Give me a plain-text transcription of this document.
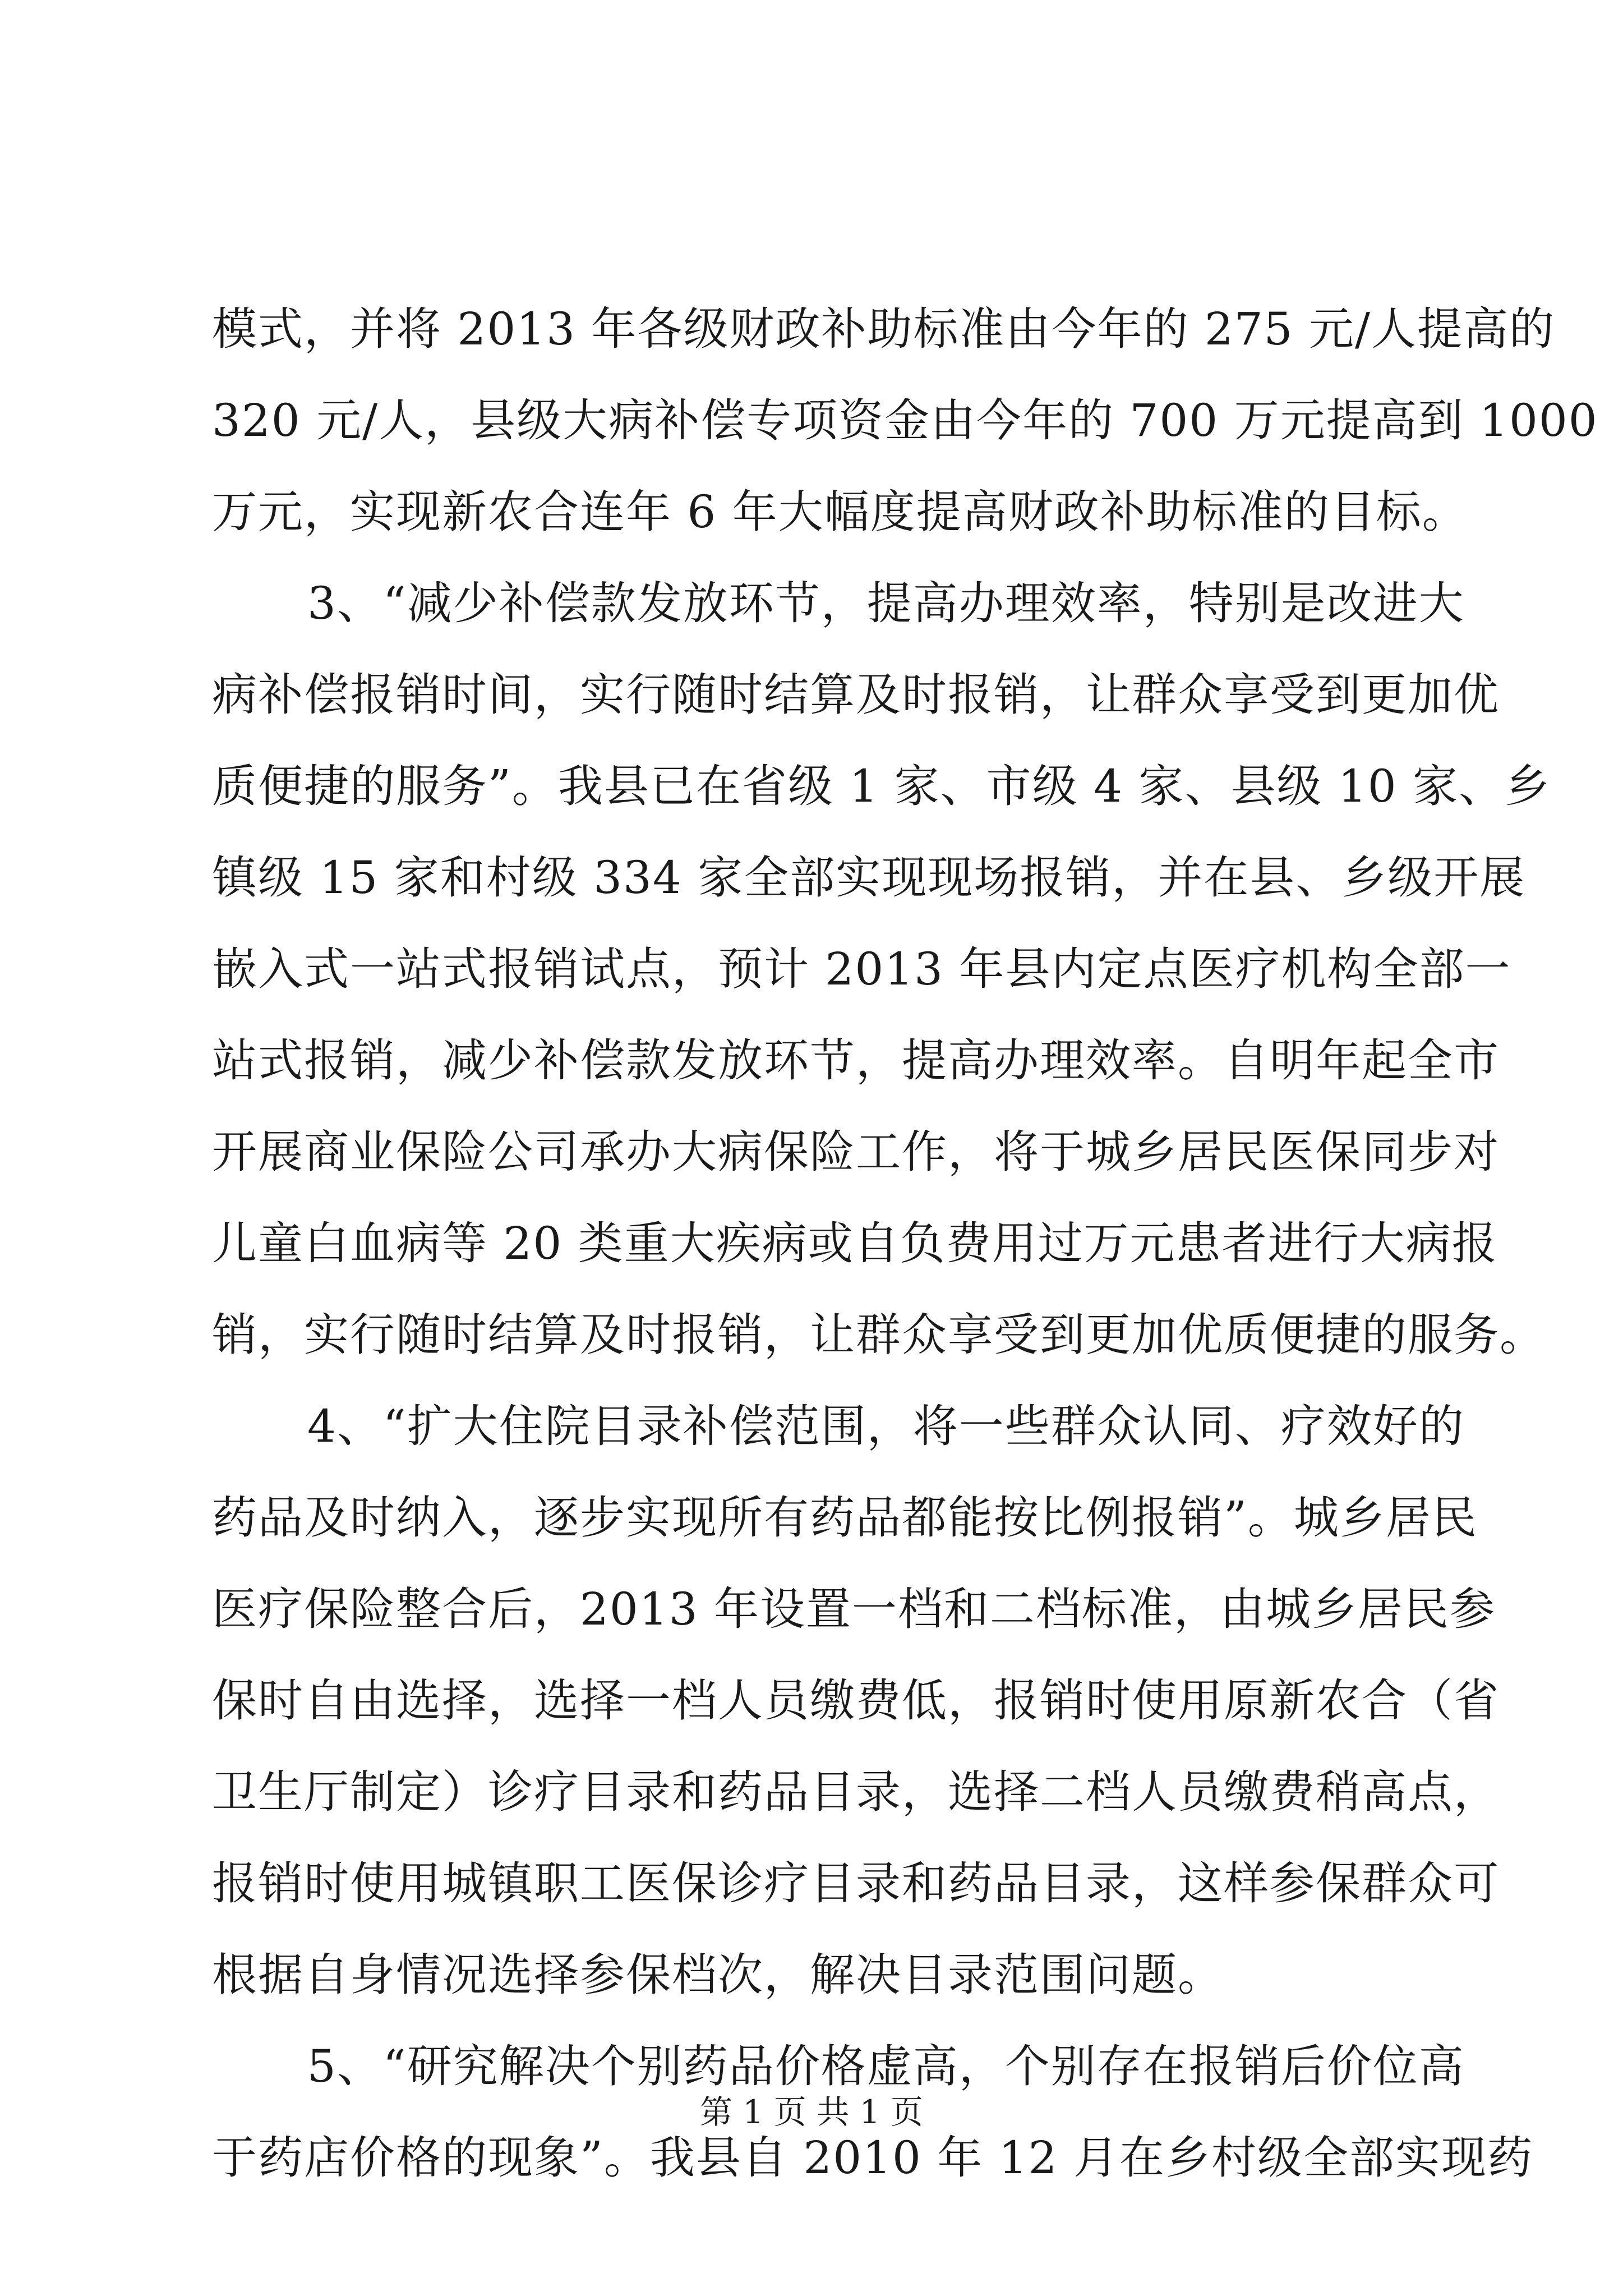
模式，并将 2013 年各级财政补助标准由今年的 275 元/人提高的
320 元/人，县级大病补偿专项资金由今年的 700 万元提高到 1000
万元，实现新农合连年 6 年大幅度提高财政补助标准的目标。
3、“减少补偿款发放环节，提高办理效率，特别是改进大
病补偿报销时间，实行随时结算及时报销，让群众享受到更加优
质便捷的服务”。我县已在省级 1 家、市级 4 家、县级 10 家、乡
镇级 15 家和村级 334 家全部实现现场报销，并在县、乡级开展
嵌入式一站式报销试点，预计 2013 年县内定点医疗机构全部一
站式报销，减少补偿款发放环节，提高办理效率。自明年起全市
开展商业保险公司承办大病保险工作，将于城乡居民医保同步对
儿童白血病等 20 类重大疾病或自负费用过万元患者进行大病报
销，实行随时结算及时报销，让群众享受到更加优质便捷的服务。
4、“扩大住院目录补偿范围，将一些群众认同、疗效好的
药品及时纳入，逐步实现所有药品都能按比例报销”。城乡居民
医疗保险整合后，2013 年设置一档和二档标准，由城乡居民参
保时自由选择，选择一档人员缴费低，报销时使用原新农合（省
卫生厅制定）诊疗目录和药品目录，选择二档人员缴费稍高点，
报销时使用城镇职工医保诊疗目录和药品目录，这样参保群众可
根据自身情况选择参保档次，解决目录范围问题。
5、“研究解决个别药品价格虚高，个别存在报销后价位高
于药店价格的现象”。我县自 2010 年 12 月在乡村级全部实现药
第 1 页 共 1 页
